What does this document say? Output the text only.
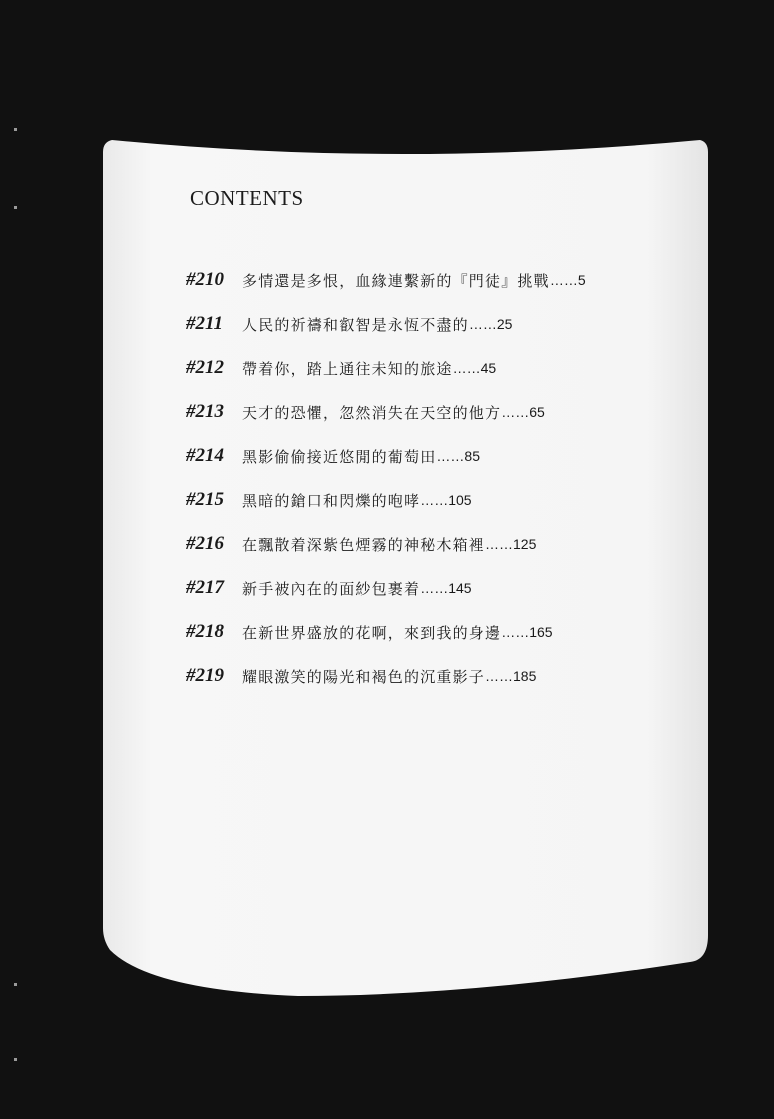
CONTENTS
#210	多情還是多恨，血緣連繫新的『門徒』挑戰 …… 5
#211	人民的祈禱和叡智是永恆不盡的 …… 25
#212	帶着你，踏上通往未知的旅途 …… 45
#213	天才的恐懼，忽然消失在天空的他方 …… 65
#214	黑影偷偷接近悠閒的葡萄田 …… 85
#215	黑暗的鎗口和閃爍的咆哮 …… 105
#216	在飄散着深紫色煙霧的神秘木箱裡 …… 125
#217	新手被內在的面紗包裹着 …… 145
#218	在新世界盛放的花啊，來到我的身邊 …… 165
#219	耀眼激笑的陽光和褐色的沉重影子 …… 185
